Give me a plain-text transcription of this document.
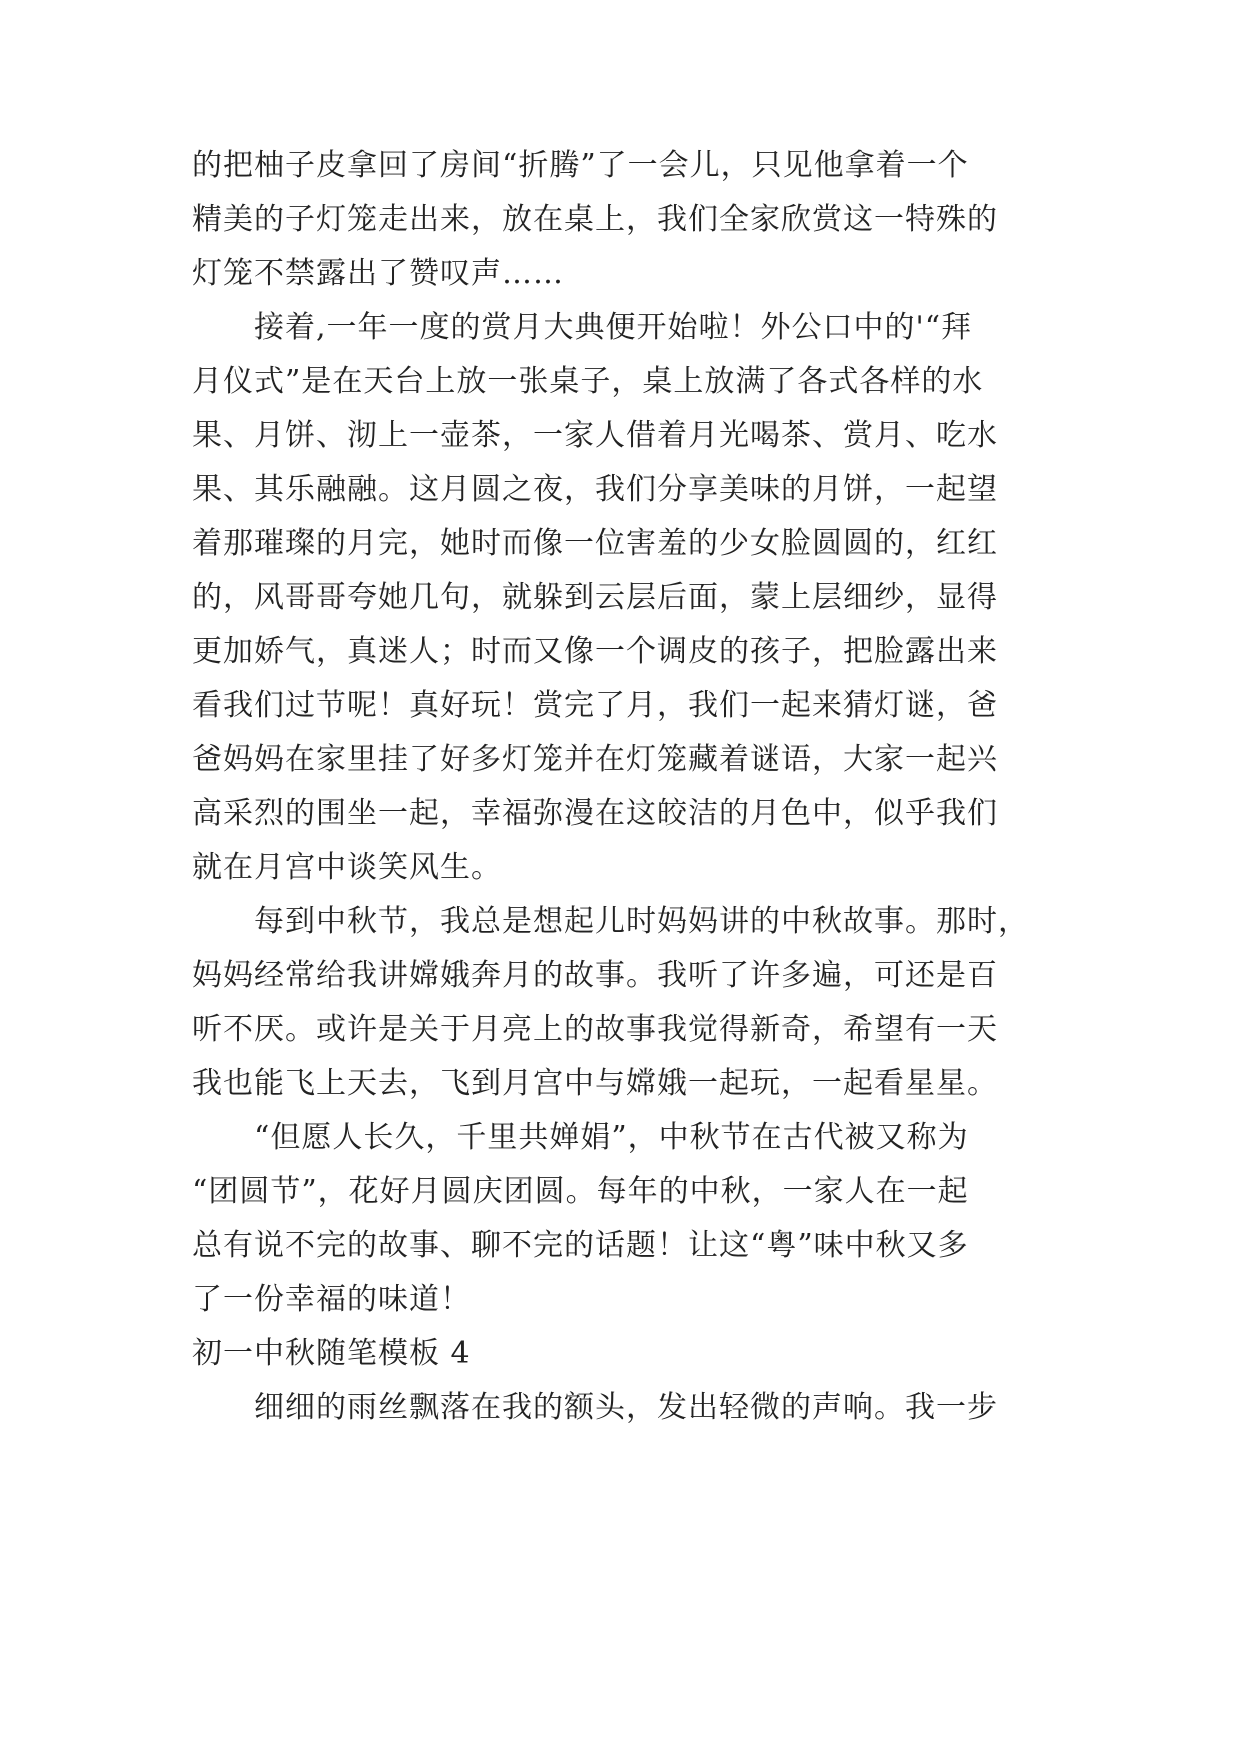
的把柚子皮拿回了房间“折腾”了一会儿，只见他拿着一个
精美的子灯笼走出来，放在桌上，我们全家欣赏这一特殊的
灯笼不禁露出了赞叹声……
　　接着,一年一度的赏月大典便开始啦！外公口中的'“拜
月仪式”是在天台上放一张桌子，桌上放满了各式各样的水
果、月饼、沏上一壶茶，一家人借着月光喝茶、赏月、吃水
果、其乐融融。这月圆之夜，我们分享美味的月饼，一起望
着那璀璨的月完，她时而像一位害羞的少女脸圆圆的，红红
的，风哥哥夸她几句，就躲到云层后面，蒙上层细纱，显得
更加娇气，真迷人；时而又像一个调皮的孩子，把脸露出来
看我们过节呢！真好玩！赏完了月，我们一起来猜灯谜，爸
爸妈妈在家里挂了好多灯笼并在灯笼藏着谜语，大家一起兴
高采烈的围坐一起，幸福弥漫在这皎洁的月色中，似乎我们
就在月宫中谈笑风生。
　　每到中秋节，我总是想起儿时妈妈讲的中秋故事。那时，
妈妈经常给我讲嫦娥奔月的故事。我听了许多遍，可还是百
听不厌。或许是关于月亮上的故事我觉得新奇，希望有一天
我也能飞上天去，飞到月宫中与嫦娥一起玩，一起看星星。
　　“但愿人长久，千里共婵娟”，中秋节在古代被又称为
“团圆节”，花好月圆庆团圆。每年的中秋，一家人在一起
总有说不完的故事、聊不完的话题！让这“粤”味中秋又多
了一份幸福的味道！
初一中秋随笔模板 4
　　细细的雨丝飘落在我的额头，发出轻微的声响。我一步
